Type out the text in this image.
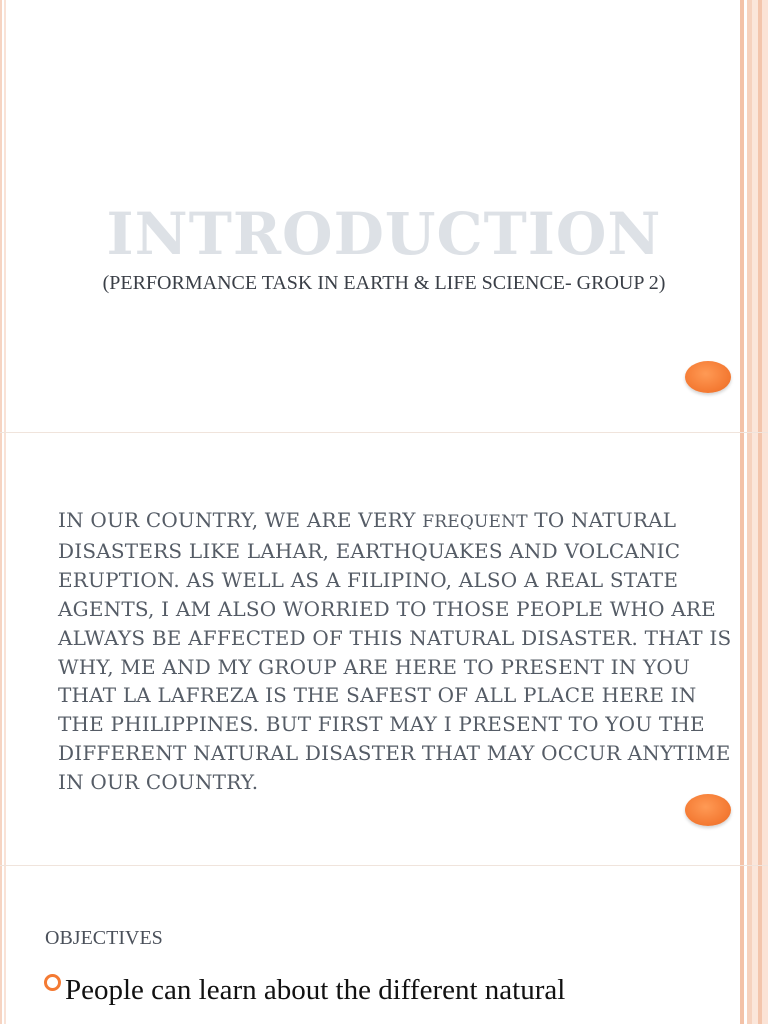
INTRODUCTION
(PERFORMANCE TASK IN EARTH & LIFE SCIENCE- GROUP 2)
IN OUR COUNTRY, WE ARE VERY FREQUENT TO NATURAL DISASTERS LIKE LAHAR, EARTHQUAKES AND VOLCANIC ERUPTION. AS WELL AS A FILIPINO, ALSO A REAL STATE AGENTS, I AM ALSO WORRIED TO THOSE PEOPLE WHO ARE ALWAYS BE AFFECTED OF THIS NATURAL DISASTER. THAT IS WHY, ME AND MY GROUP ARE HERE TO PRESENT IN YOU THAT LA LAFREZA IS THE SAFEST OF ALL PLACE HERE IN THE PHILIPPINES. BUT FIRST MAY I PRESENT TO YOU THE DIFFERENT NATURAL DISASTER THAT MAY OCCUR ANYTIME IN OUR COUNTRY.
OBJECTIVES
People can learn about the different natural
